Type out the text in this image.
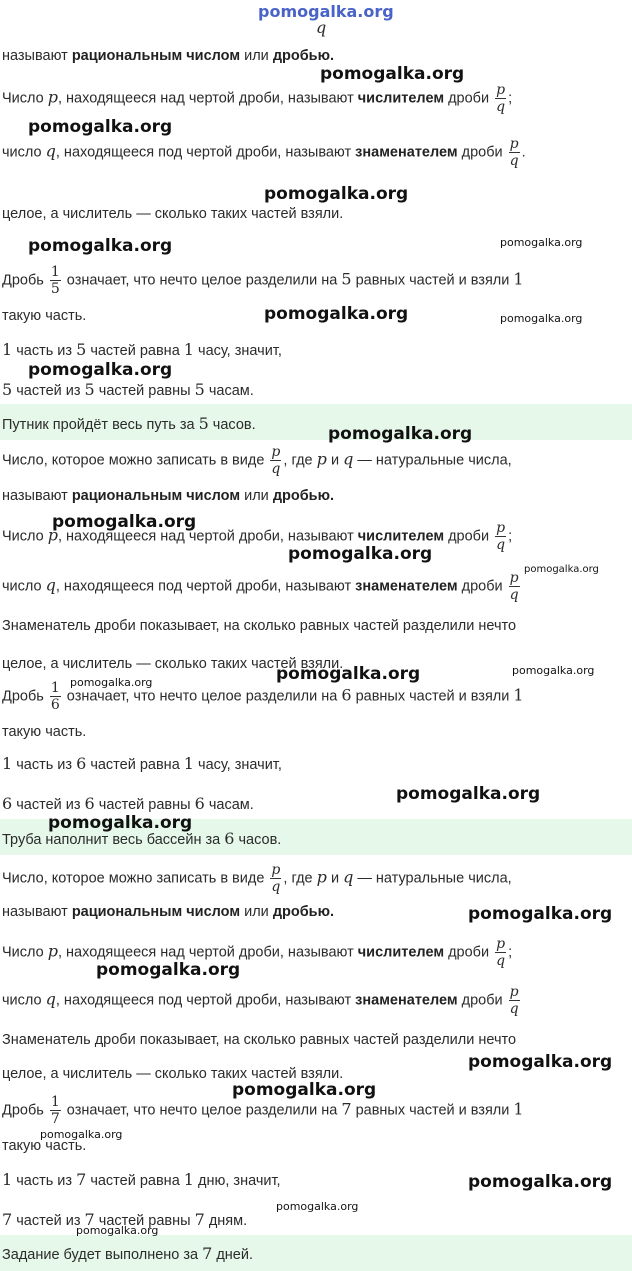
q
называют рациональным числом или дробью.
Число p, находящееся над чертой дроби, называют числителем дроби $\frac{p}{q}$ ;
число q, находящееся под чертой дроби, называют знаменателем дроби $\frac{p}{q}$ .
целое, а числитель — сколько таких частей взяли.
Дробь $\frac{1}{5}$ означает, что нечто целое разделили на 5 равных частей и взяли 1
такую часть.
1 часть из 5 частей равна 1 часу, значит,
5 частей из 5 частей равны 5 часам.
Путник пройдёт весь путь за 5 часов.
Число, которое можно записать в виде $\frac{p}{q}$ , где p и q — натуральные числа,
называют рациональным числом или дробью.
Число p, находящееся над чертой дроби, называют числителем дроби $\frac{p}{q}$ ;
число q, находящееся под чертой дроби, называют знаменателем дроби $\frac{p}{q}$
Знаменатель дроби показывает, на сколько равных частей разделили нечто
целое, а числитель — сколько таких частей взяли.
Дробь $\frac{1}{6}$ означает, что нечто целое разделили на 6 равных частей и взяли 1
такую часть.
1 часть из 6 частей равна 1 часу, значит,
6 частей из 6 частей равны 6 часам.
Труба наполнит весь бассейн за 6 часов.
Число, которое можно записать в виде $\frac{p}{q}$ , где p и q — натуральные числа,
называют рациональным числом или дробью.
Число p, находящееся над чертой дроби, называют числителем дроби $\frac{p}{q}$ ;
число q, находящееся под чертой дроби, называют знаменателем дроби $\frac{p}{q}$
Знаменатель дроби показывает, на сколько равных частей разделили нечто
целое, а числитель — сколько таких частей взяли.
Дробь $\frac{1}{7}$ означает, что нечто целое разделили на 7 равных частей и взяли 1
такую часть.
1 часть из 7 частей равна 1 дню, значит,
7 частей из 7 частей равны 7 дням.
Задание будет выполнено за 7 дней.
pomogalka.org
pomogalka.org
pomogalka.org
pomogalka.org
pomogalka.org	pomogalka.org
pomogalka.org	pomogalka.org
pomogalka.org
pomogalka.org
pomogalka.org
pomogalka.org
pomogalka.org
pomogalka.org	pomogalka.org
pomogalka.org
pomogalka.org
pomogalka.org
pomogalka.org
pomogalka.org
pomogalka.org
pomogalka.org
pomogalka.org
pomogalka.org
pomogalka.org
pomogalka.org
